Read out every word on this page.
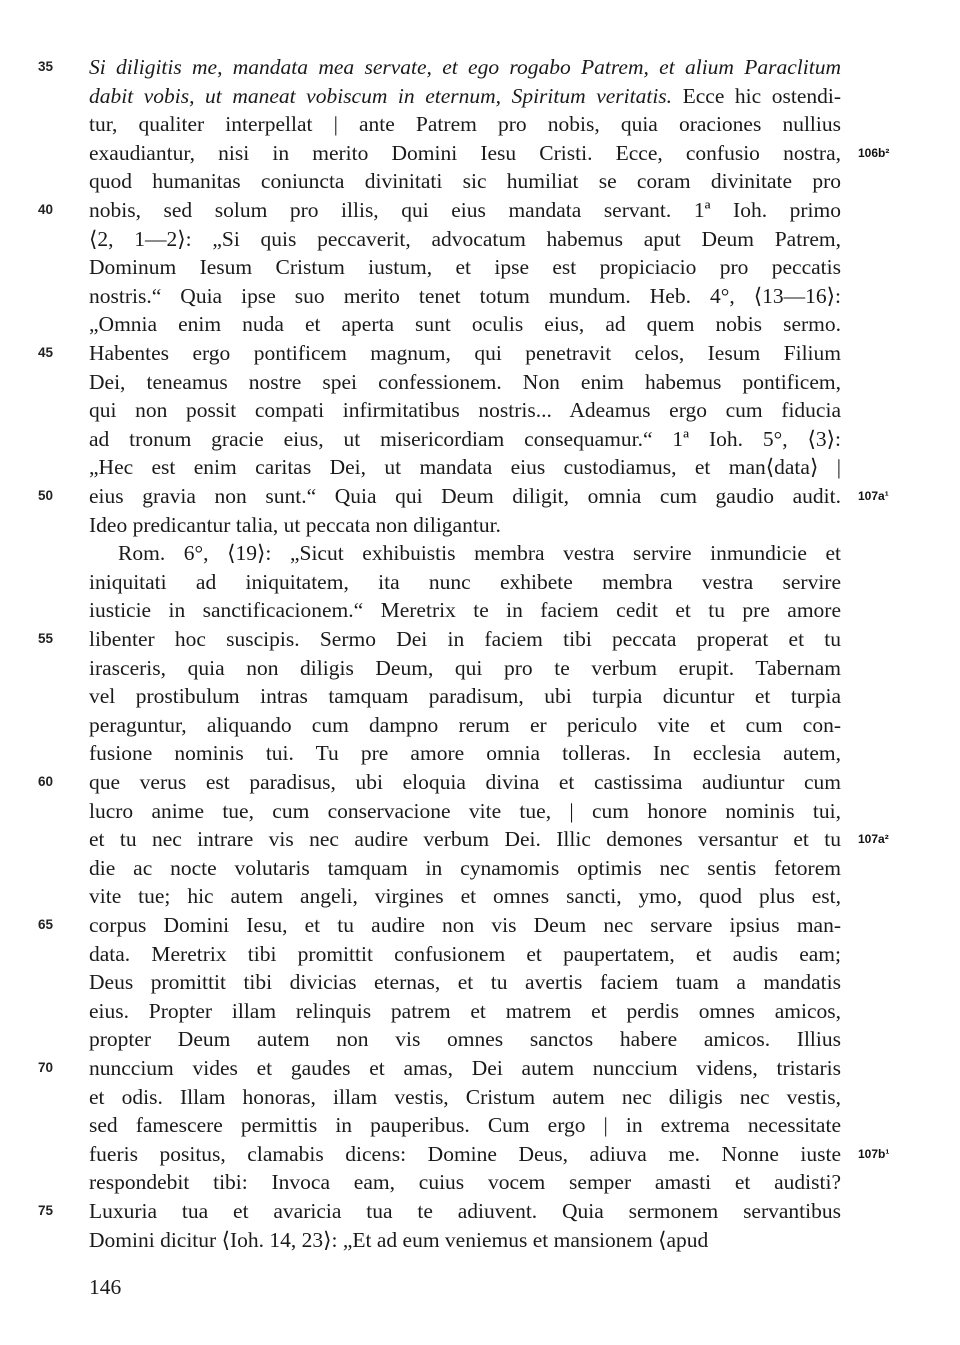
Si diligitis me, mandata mea servate, et ego rogabo Patrem, et alium Paraclitum
dabit vobis, ut maneat vobiscum in eternum, Spiritum veritatis. Ecce hic ostendi-
tur, qualiter interpellat | ante Patrem pro nobis, quia oraciones nullius
exaudiantur, nisi in merito Domini Iesu Cristi. Ecce, confusio nostra,
quod humanitas coniuncta divinitati sic humiliat se coram divinitate pro
nobis, sed solum pro illis, qui eius mandata servant. 1ª Ioh. primo
⟨2, 1—2⟩: „Si quis peccaverit, advocatum habemus aput Deum Patrem,
Dominum Iesum Cristum iustum, et ipse est propiciacio pro peccatis
nostris.“ Quia ipse suo merito tenet totum mundum. Heb. 4°, ⟨13—16⟩:
„Omnia enim nuda et aperta sunt oculis eius, ad quem nobis sermo.
Habentes ergo pontificem magnum, qui penetravit celos, Iesum Filium
Dei, teneamus nostre spei confessionem. Non enim habemus pontificem,
qui non possit compati infirmitatibus nostris... Adeamus ergo cum fiducia
ad tronum gracie eius, ut misericordiam consequamur.“ 1ª Ioh. 5°, ⟨3⟩:
„Hec est enim caritas Dei, ut mandata eius custodiamus, et man⟨data⟩ |
eius gravia non sunt.“ Quia qui Deum diligit, omnia cum gaudio audit.
Ideo predicantur talia, ut peccata non diligantur.
Rom. 6°, ⟨19⟩: „Sicut exhibuistis membra vestra servire inmundicie et
iniquitati ad iniquitatem, ita nunc exhibete membra vestra servire
iusticie in sanctificacionem.“ Meretrix te in faciem cedit et tu pre amore
libenter hoc suscipis. Sermo Dei in faciem tibi peccata properat et tu
irasceris, quia non diligis Deum, qui pro te verbum erupit. Tabernam
vel prostibulum intras tamquam paradisum, ubi turpia dicuntur et turpia
peraguntur, aliquando cum dampno rerum er periculo vite et cum con-
fusione nominis tui. Tu pre amore omnia tolleras. In ecclesia autem,
que verus est paradisus, ubi eloquia divina et castissima audiuntur cum
lucro anime tue, cum conservacione vite tue, | cum honore nominis tui,
et tu nec intrare vis nec audire verbum Dei. Illic demones versantur et tu
die ac nocte volutaris tamquam in cynamomis optimis nec sentis fetorem
vite tue; hic autem angeli, virgines et omnes sancti, ymo, quod plus est,
corpus Domini Iesu, et tu audire non vis Deum nec servare ipsius man-
data. Meretrix tibi promittit confusionem et paupertatem, et audis eam;
Deus promittit tibi divicias eternas, et tu avertis faciem tuam a mandatis
eius. Propter illam relinquis patrem et matrem et perdis omnes amicos,
propter Deum autem non vis omnes sanctos habere amicos. Illius
nunccium vides et gaudes et amas, Dei autem nunccium videns, tristaris
et odis. Illam honoras, illam vestis, Cristum autem nec diligis nec vestis,
sed famescere permittis in pauperibus. Cum ergo | in extrema necessitate
fueris positus, clamabis dicens: Domine Deus, adiuva me. Nonne iuste
respondebit tibi: Invoca eam, cuius vocem semper amasti et audisti?
Luxuria tua et avaricia tua te adiuvent. Quia sermonem servantibus
Domini dicitur ⟨Ioh. 14, 23⟩: „Et ad eum veniemus et mansionem ⟨apud
35
40
45
50
55
60
65
70
75
106b²
107a¹
107a²
107b¹
146
